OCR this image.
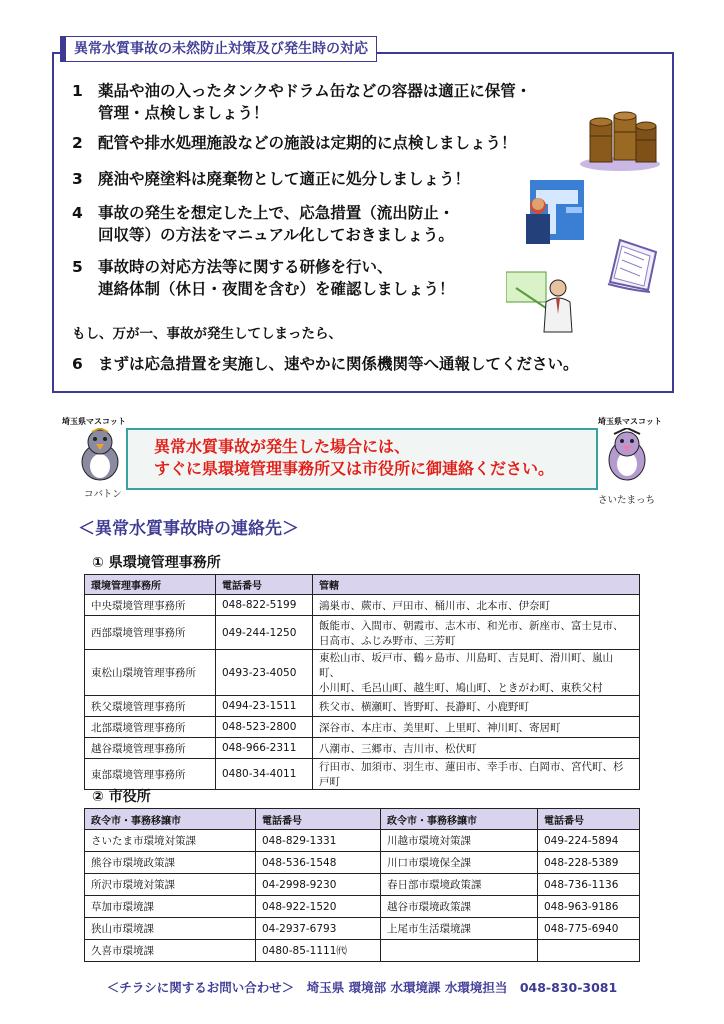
異常水質事故の未然防止対策及び発生時の対応
1 薬品や油の入ったタンクやドラム缶などの容器は適正に保管・
管理・点検しましょう！
2 配管や排水処理施設などの施設は定期的に点検しましょう！
3 廃油や廃塗料は廃棄物として適正に処分しましょう！
4 事故の発生を想定した上で、応急措置（流出防止・
回収等）の方法をマニュアル化しておきましょう。
5 事故時の対応方法等に関する研修を行い、
連絡体制（休日・夜間を含む）を確認しましょう！
もし、万が一、事故が発生してしまったら、
6 まずは応急措置を実施し、速やかに関係機関等へ通報してください。
埼玉県マスコット
コバトン
異常水質事故が発生した場合には、
すぐに県環境管理事務所又は市役所に御連絡ください。
埼玉県マスコット
さいたまっち
＜異常水質事故時の連絡先＞
① 県環境管理事務所
環境管理事務所	電話番号	管轄
中央環境管理事務所	048-822-5199	鴻巣市、蕨市、戸田市、桶川市、北本市、伊奈町
西部環境管理事務所	049-244-1250	飯能市、入間市、朝霞市、志木市、和光市、新座市、富士見市、
日高市、ふじみ野市、三芳町
東松山環境管理事務所	0493-23-4050	東松山市、坂戸市、鶴ヶ島市、川島町、吉見町、滑川町、嵐山町、
小川町、毛呂山町、越生町、鳩山町、ときがわ町、東秩父村
秩父環境管理事務所	0494-23-1511	秩父市、横瀬町、皆野町、長瀞町、小鹿野町
北部環境管理事務所	048-523-2800	深谷市、本庄市、美里町、上里町、神川町、寄居町
越谷環境管理事務所	048-966-2311	八潮市、三郷市、吉川市、松伏町
東部環境管理事務所	0480-34-4011	行田市、加須市、羽生市、蓮田市、幸手市、白岡市、宮代町、杉戸町
② 市役所
政令市・事務移譲市	電話番号	政令市・事務移譲市	電話番号
さいたま市環境対策課	048-829-1331	川越市環境対策課	049-224-5894
熊谷市環境政策課	048-536-1548	川口市環境保全課	048-228-5389
所沢市環境対策課	04-2998-9230	春日部市環境政策課	048-736-1136
草加市環境課	048-922-1520	越谷市環境政策課	048-963-9186
狭山市環境課	04-2937-6793	上尾市生活環境課	048-775-6940
久喜市環境課	0480-85-1111㈹		
＜チラシに関するお問い合わせ＞　埼玉県 環境部 水環境課 水環境担当　048-830-3081
